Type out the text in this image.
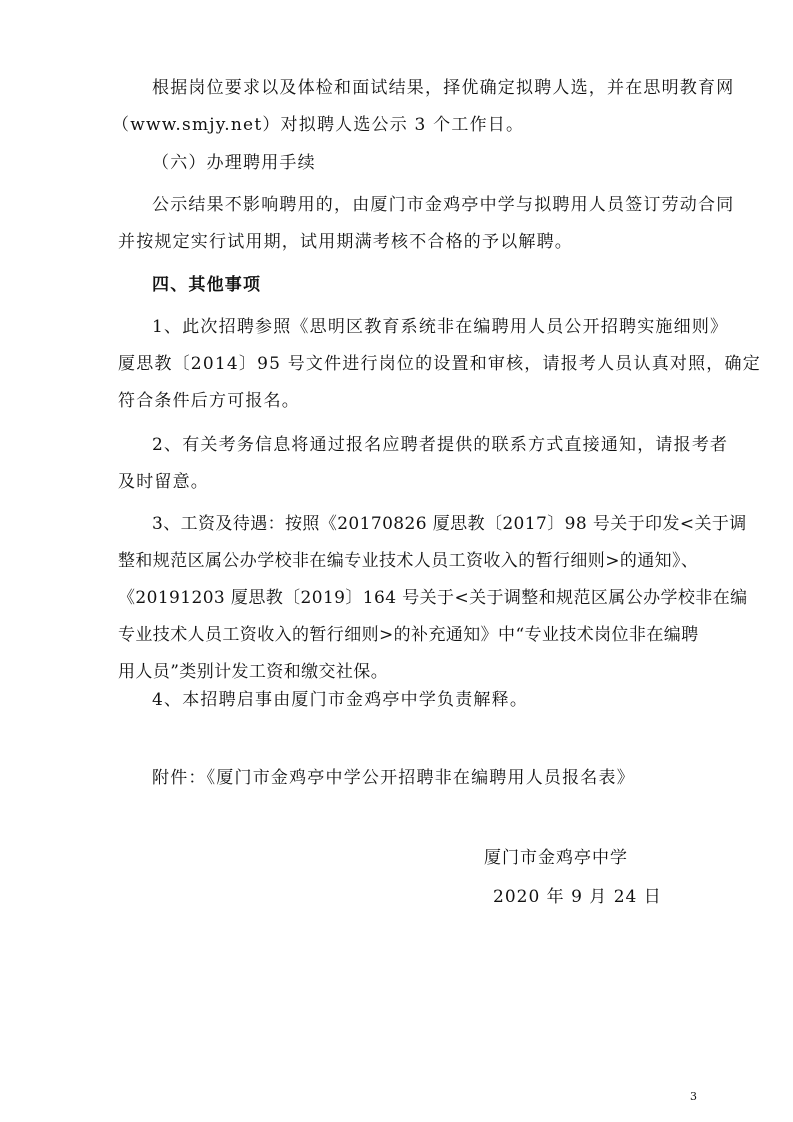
根据岗位要求以及体检和面试结果，择优确定拟聘人选，并在思明教育网
（www.smjy.net）对拟聘人选公示 3 个工作日。
（六）办理聘用手续
公示结果不影响聘用的，由厦门市金鸡亭中学与拟聘用人员签订劳动合同
并按规定实行试用期，试用期满考核不合格的予以解聘。
四、其他事项
1、此次招聘参照《思明区教育系统非在编聘用人员公开招聘实施细则》
厦思教〔2014〕95 号文件进行岗位的设置和审核，请报考人员认真对照，确定
符合条件后方可报名。
2、有关考务信息将通过报名应聘者提供的联系方式直接通知，请报考者
及时留意。
3、工资及待遇：按照《20170826 厦思教〔2017〕98 号关于印发<关于调
整和规范区属公办学校非在编专业技术人员工资收入的暂行细则>的通知》、
《20191203 厦思教〔2019〕164 号关于<关于调整和规范区属公办学校非在编
专业技术人员工资收入的暂行细则>的补充通知》中“专业技术岗位非在编聘
用人员”类别计发工资和缴交社保。
4、本招聘启事由厦门市金鸡亭中学负责解释。
附件：《厦门市金鸡亭中学公开招聘非在编聘用人员报名表》
厦门市金鸡亭中学
2020 年 9 月 24 日
3
